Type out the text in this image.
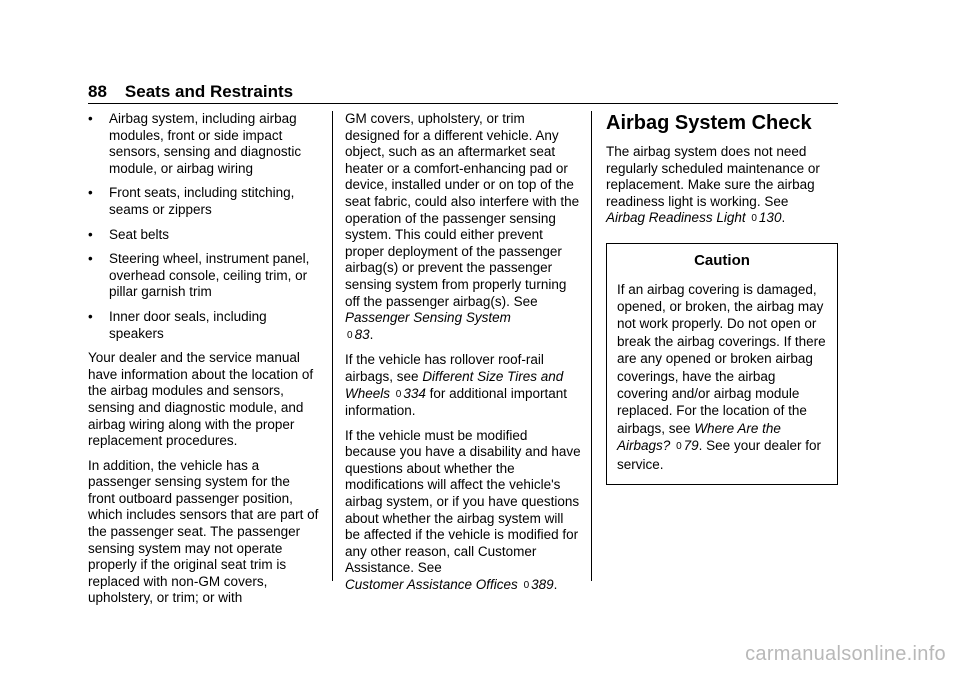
88 Seats and Restraints
• Airbag system, including airbag modules, front or side impact sensors, sensing and diagnostic module, or airbag wiring
• Front seats, including stitching, seams or zippers
• Seat belts
• Steering wheel, instrument panel, overhead console, ceiling trim, or pillar garnish trim
• Inner door seals, including speakers

Your dealer and the service manual have information about the location of the airbag modules and sensors, sensing and diagnostic module, and airbag wiring along with the proper replacement procedures.

In addition, the vehicle has a passenger sensing system for the front outboard passenger position, which includes sensors that are part of the passenger seat. The passenger sensing system may not operate properly if the original seat trim is replaced with non-GM covers, upholstery, or trim; or with

GM covers, upholstery, or trim designed for a different vehicle. Any object, such as an aftermarket seat heater or a comfort-enhancing pad or device, installed under or on top of the seat fabric, could also interfere with the operation of the passenger sensing system. This could either prevent proper deployment of the passenger airbag(s) or prevent the passenger sensing system from properly turning off the passenger airbag(s). See Passenger Sensing System
0 83.

If the vehicle has rollover roof-rail airbags, see Different Size Tires and Wheels 0 334 for additional important information.

If the vehicle must be modified because you have a disability and have questions about whether the modifications will affect the vehicle's airbag system, or if you have questions about whether the airbag system will be affected if the vehicle is modified for any other reason, call Customer Assistance. See
Customer Assistance Offices 0 389.

Airbag System Check

The airbag system does not need regularly scheduled maintenance or replacement. Make sure the airbag readiness light is working. See
Airbag Readiness Light 0 130.

Caution
If an airbag covering is damaged, opened, or broken, the airbag may not work properly. Do not open or break the airbag coverings. If there are any opened or broken airbag coverings, have the airbag covering and/or airbag module replaced. For the location of the airbags, see Where Are the Airbags? 0 79. See your dealer for service.
carmanualsonline.info
